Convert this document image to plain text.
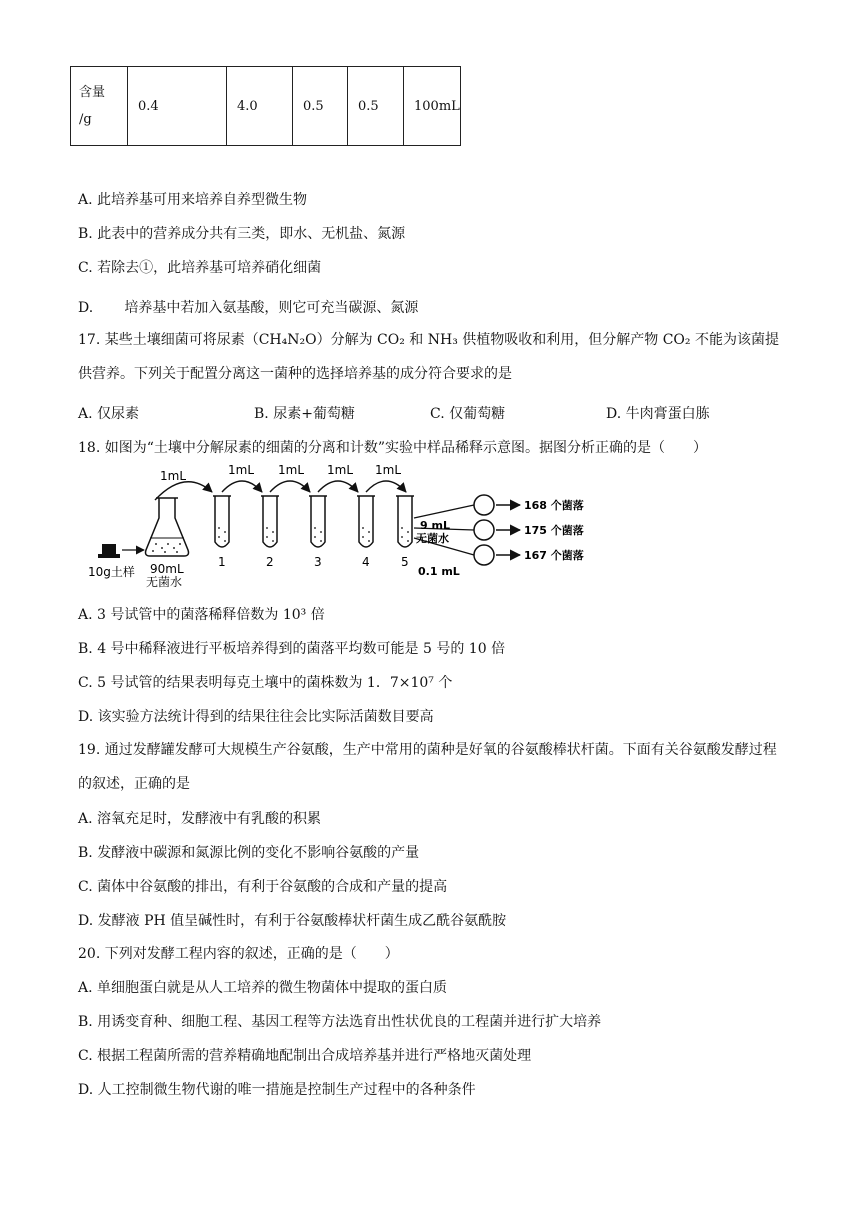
含量
/g	0.4	4.0	0.5	0.5	100mL
A. 此培养基可用来培养自养型微生物
B. 此表中的营养成分共有三类，即水、无机盐、氮源
C. 若除去①，此培养基可培养硝化细菌
D.       培养基中若加入氨基酸，则它可充当碳源、氮源
17. 某些土壤细菌可将尿素（CH₄N₂O）分解为 CO₂ 和 NH₃ 供植物吸收和利用，但分解产物 CO₂ 不能为该菌提供营养。下列关于配置分离这一菌种的选择培养基的成分符合要求的是
A. 仅尿素	B. 尿素+葡萄糖	C. 仅葡萄糖	D. 牛肉膏蛋白胨
18. 如图为“土壤中分解尿素的细菌的分离和计数”实验中样品稀释示意图。据图分析正确的是（　　）
1mL	1mL 1mL 1mL 1mL
10g土样 90mL
无菌水
1	2	3	4	5
9 mL
无菌水
0.1 mL
168 个菌落
175 个菌落
167 个菌落
A. 3 号试管中的菌落稀释倍数为 10³ 倍
B. 4 号中稀释液进行平板培养得到的菌落平均数可能是 5 号的 10 倍
C. 5 号试管的结果表明每克土壤中的菌株数为 1．7×10⁷ 个
D. 该实验方法统计得到的结果往往会比实际活菌数目要高
19. 通过发酵罐发酵可大规模生产谷氨酸，生产中常用的菌种是好氧的谷氨酸棒状杆菌。下面有关谷氨酸发酵过程的叙述，正确的是
A. 溶氧充足时，发酵液中有乳酸的积累
B. 发酵液中碳源和氮源比例的变化不影响谷氨酸的产量
C. 菌体中谷氨酸的排出，有利于谷氨酸的合成和产量的提高
D. 发酵液 PH 值呈碱性时，有利于谷氨酸棒状杆菌生成乙酰谷氨酰胺
20. 下列对发酵工程内容的叙述，正确的是（　　）
A. 单细胞蛋白就是从人工培养的微生物菌体中提取的蛋白质
B. 用诱变育种、细胞工程、基因工程等方法选育出性状优良的工程菌并进行扩大培养
C. 根据工程菌所需的营养精确地配制出合成培养基并进行严格地灭菌处理
D. 人工控制微生物代谢的唯一措施是控制生产过程中的各种条件
